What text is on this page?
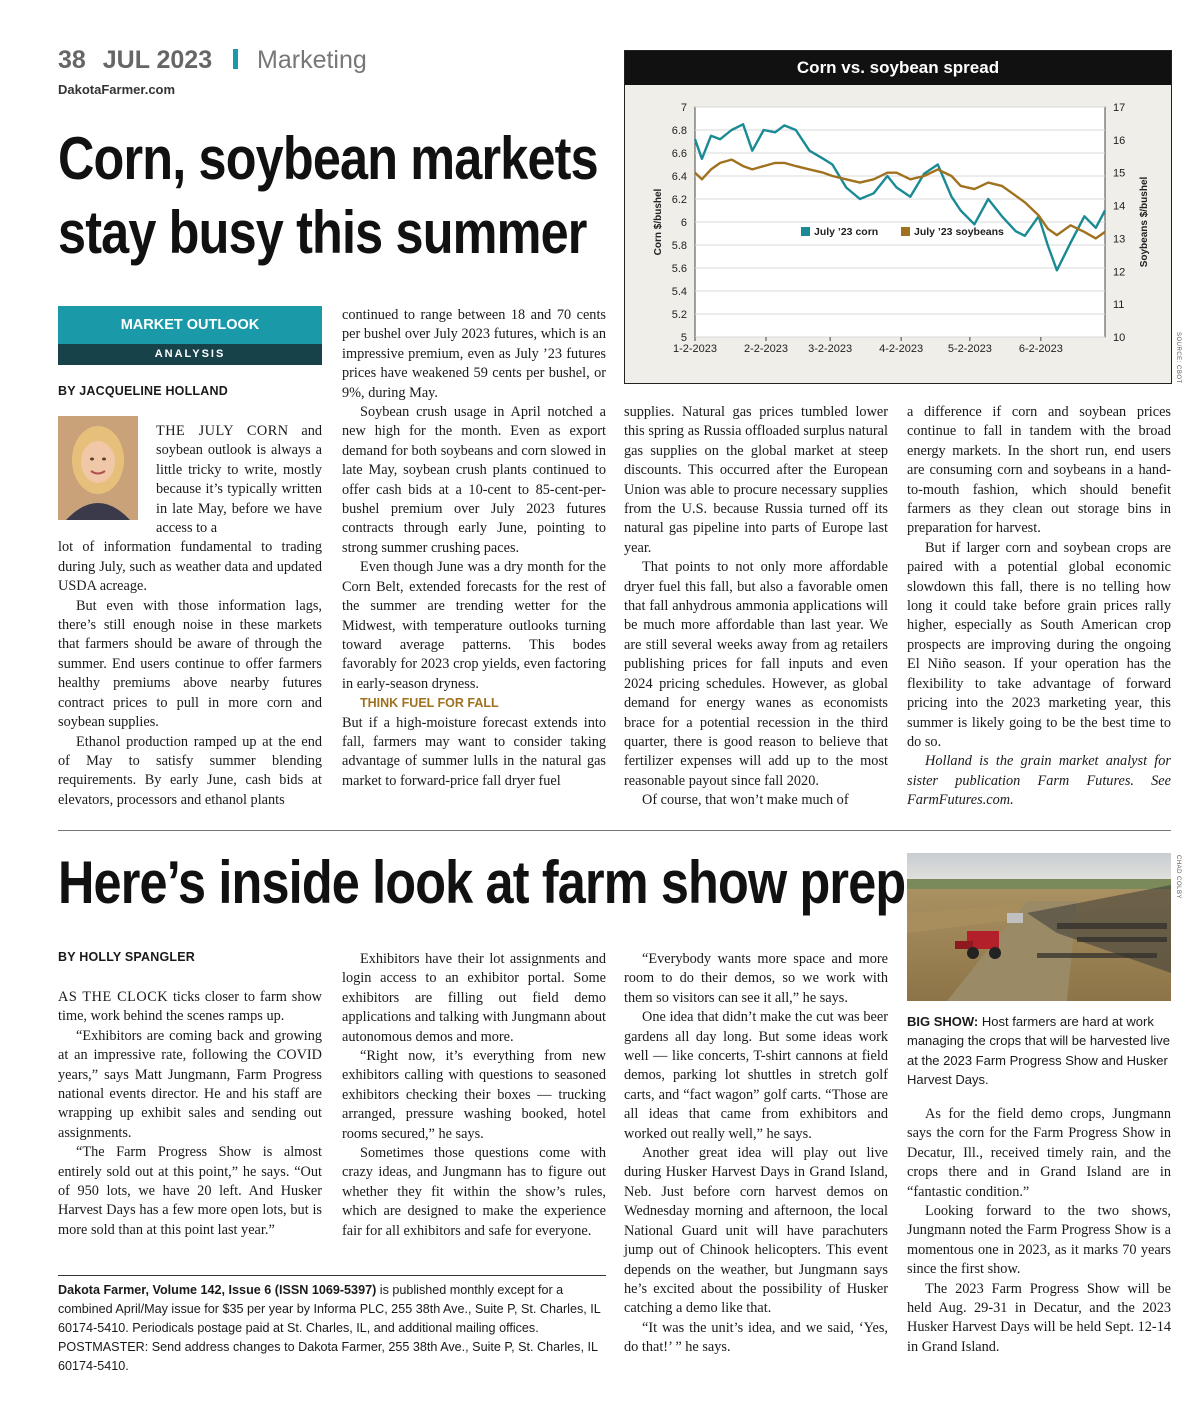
38 JUL 2023 Marketing
DakotaFarmer.com
Corn, soybean markets
stay busy this summer
Corn vs. soybean spread
5
5.2
5.4
5.6
5.8
6
6.2
6.4
6.6
6.8
7
10
11
12
13
14
15
16
17
1-2-2023 2-2-2023 3-2-2023 4-2-2023 5-2-2023 6-2-2023
Corn $/bushel	Soybeans $/bushel
July ’23 corn	July ’23 soybeans
SOURCE: CBOT
MARKET OUTLOOK
ANALYSIS
BY JACQUELINE HOLLAND

THE JULY CORN and soybean outlook is always a little tricky to write, mostly because it’s typically written in late May, before we have access to a

lot of information fundamental to trading during July, such as weather data and updated USDA acreage.

But even with those information lags, there’s still enough noise in these markets that farmers should be aware of through the summer. End users continue to offer farmers healthy premiums above nearby futures contract prices to pull in more corn and soybean supplies.

Ethanol production ramped up at the end of May to satisfy summer blending requirements. By early June, cash bids at elevators, processors and ethanol plants

continued to range between 18 and 70 cents per bushel over July 2023 futures, which is an impressive premium, even as July ’23 futures prices have weakened 59 cents per bushel, or 9%, during May.

Soybean crush usage in April notched a new high for the month. Even as export demand for both soybeans and corn slowed in late May, soybean crush plants continued to offer cash bids at a 10-cent to 85-cent-per-bushel premium over July 2023 futures contracts through early June, pointing to strong summer crushing paces.

Even though June was a dry month for the Corn Belt, extended forecasts for the rest of the summer are trending wetter for the Midwest, with temperature outlooks turning toward average patterns. This bodes favorably for 2023 crop yields, even factoring in early-season dryness.

THINK FUEL FOR FALL

But if a high-moisture forecast extends into fall, farmers may want to consider taking advantage of summer lulls in the natural gas market to forward-price fall dryer fuel

supplies. Natural gas prices tumbled lower this spring as Russia offloaded surplus natural gas supplies on the global market at steep discounts. This occurred after the European Union was able to procure necessary supplies from the U.S. because Russia turned off its natural gas pipeline into parts of Europe last year.

That points to not only more affordable dryer fuel this fall, but also a favorable omen that fall anhydrous ammonia applications will be much more affordable than last year. We are still several weeks away from ag retailers publishing prices for fall inputs and even 2024 pricing schedules. However, as global demand for energy wanes as economists brace for a potential recession in the third quarter, there is good reason to believe that fertilizer expenses will add up to the most reasonable payout since fall 2020.

Of course, that won’t make much of

a difference if corn and soybean prices continue to fall in tandem with the broad energy markets. In the short run, end users are consuming corn and soybeans in a hand-to-mouth fashion, which should benefit farmers as they clean out storage bins in preparation for harvest.

But if larger corn and soybean crops are paired with a potential global economic slowdown this fall, there is no telling how long it could take before grain prices rally higher, especially as South American crop prospects are improving during the ongoing El Niño season. If your operation has the flexibility to take advantage of forward pricing into the 2023 marketing year, this summer is likely going to be the best time to do so.

Holland is the grain market analyst for sister publication Farm Futures. See FarmFutures.com.

Here’s inside look at farm show prep
BY HOLLY SPANGLER

AS THE CLOCK ticks closer to farm show time, work behind the scenes ramps up.

“Exhibitors are coming back and growing at an impressive rate, following the COVID years,” says Matt Jungmann, Farm Progress national events director. He and his staff are wrapping up exhibit sales and sending out assignments.

“The Farm Progress Show is almost entirely sold out at this point,” he says. “Out of 950 lots, we have 20 left. And Husker Harvest Days has a few more open lots, but is more sold than at this point last year.”

Exhibitors have their lot assignments and login access to an exhibitor portal. Some exhibitors are filling out field demo applications and talking with Jungmann about autonomous demos and more.

“Right now, it’s everything from new exhibitors calling with questions to seasoned exhibitors checking their boxes — trucking arranged, pressure washing booked, hotel rooms secured,” he says.

Sometimes those questions come with crazy ideas, and Jungmann has to figure out whether they fit within the show’s rules, which are designed to make the experience fair for all exhibitors and safe for everyone.

Dakota Farmer, Volume 142, Issue 6 (ISSN 1069-5397) is published monthly except for a combined April/May issue for $35 per year by Informa PLC, 255 38th Ave., Suite P, St. Charles, IL 60174-5410. Periodicals postage paid at St. Charles, IL, and additional mailing offices. POSTMASTER: Send address changes to Dakota Farmer, 255 38th Ave., Suite P, St. Charles, IL 60174-5410.

“Everybody wants more space and more room to do their demos, so we work with them so visitors can see it all,” he says.

One idea that didn’t make the cut was beer gardens all day long. But some ideas work well — like concerts, T-shirt cannons at field demos, parking lot shuttles in stretch golf carts, and “fact wagon” golf carts. “Those are all ideas that came from exhibitors and worked out really well,” he says.

Another great idea will play out live during Husker Harvest Days in Grand Island, Neb. Just before corn harvest demos on Wednesday morning and afternoon, the local National Guard unit will have parachuters jump out of Chinook helicopters. This event depends on the weather, but Jungmann says he’s excited about the possibility of Husker catching a demo like that.

“It was the unit’s idea, and we said, ‘Yes, do that!’ ” he says.

CHAD COLBY
BIG SHOW: Host farmers are hard at work managing the crops that will be harvested live at the 2023 Farm Progress Show and Husker Harvest Days.

As for the field demo crops, Jungmann says the corn for the Farm Progress Show in Decatur, Ill., received timely rain, and the crops there and in Grand Island are in “fantastic condition.”

Looking forward to the two shows, Jungmann noted the Farm Progress Show is a momentous one in 2023, as it marks 70 years since the first show.

The 2023 Farm Progress Show will be held Aug. 29-31 in Decatur, and the 2023 Husker Harvest Days will be held Sept. 12-14 in Grand Island.
